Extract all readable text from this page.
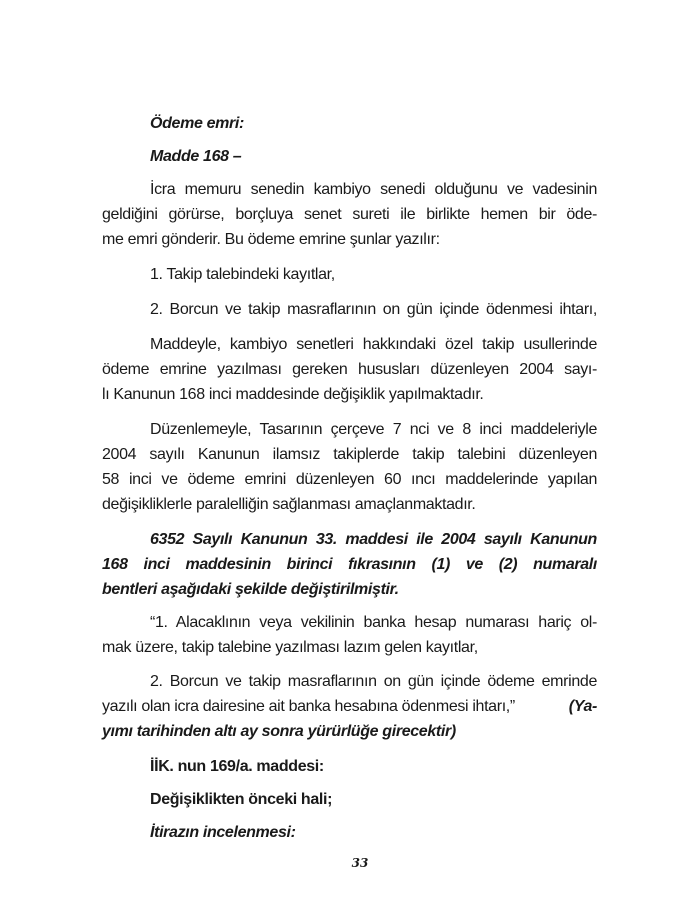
Ödeme emri:
Madde 168 –
İcra memuru senedin kambiyo senedi olduğunu ve vadesinin
geldiğini görürse, borçluya senet sureti ile birlikte hemen bir öde-
me emri gönderir. Bu ödeme emrine şunlar yazılır:
1. Takip talebindeki kayıtlar,
2. Borcun ve takip masraflarının on gün içinde ödenmesi ihtarı,
Maddeyle, kambiyo senetleri hakkındaki özel takip usullerinde
ödeme emrine yazılması gereken hususları düzenleyen 2004 sayı-
lı Kanunun 168 inci maddesinde değişiklik yapılmaktadır.
Düzenlemeyle, Tasarının çerçeve 7 nci ve 8 inci maddeleriyle
2004 sayılı Kanunun ilamsız takiplerde takip talebini düzenleyen
58 inci ve ödeme emrini düzenleyen 60 ıncı maddelerinde yapılan
değişikliklerle paralelliğin sağlanması amaçlanmaktadır.
6352 Sayılı Kanunun 33. maddesi ile 2004 sayılı Kanunun
168 inci maddesinin birinci fıkrasının (1) ve (2) numaralı
bentleri aşağıdaki şekilde değiştirilmiştir.
“1. Alacaklının veya vekilinin banka hesap numarası hariç ol-
mak üzere, takip talebine yazılması lazım gelen kayıtlar,
2. Borcun ve takip masraflarının on gün içinde ödeme emrinde
yazılı olan icra dairesine ait banka hesabına ödenmesi ihtarı,”	(Ya-
yımı tarihinden altı ay sonra yürürlüğe girecektir)
İİK. nun 169/a. maddesi:
Değişiklikten önceki hali;
İtirazın incelenmesi:
33
